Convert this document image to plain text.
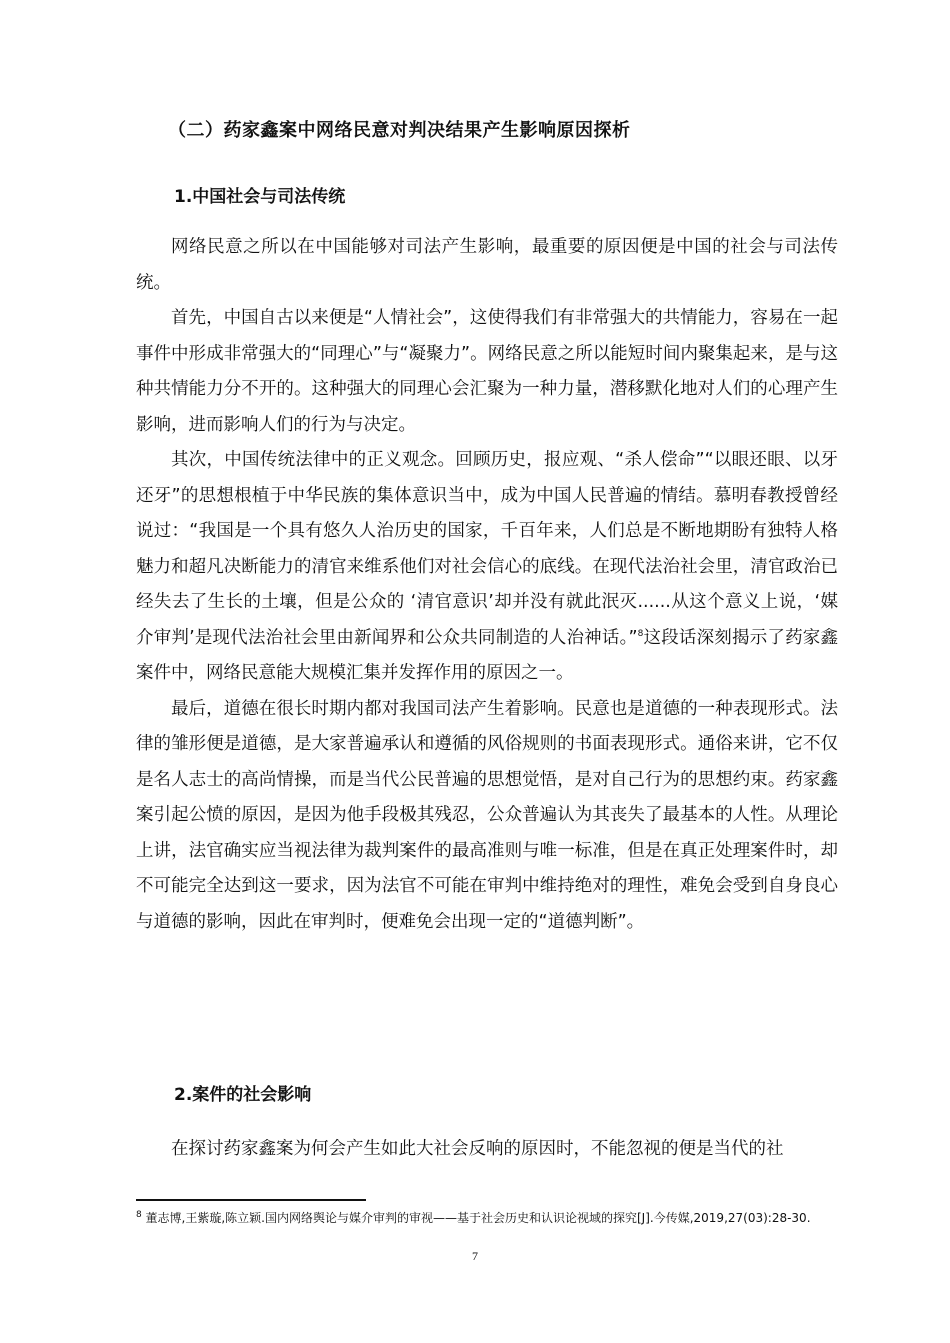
（二）药家鑫案中网络民意对判决结果产生影响原因探析
1.中国社会与司法传统

网络民意之所以在中国能够对司法产生影响，最重要的原因便是中国的社会与司法传统。

首先，中国自古以来便是“人情社会”，这使得我们有非常强大的共情能力，容易在一起事件中形成非常强大的“同理心”与“凝聚力”。网络民意之所以能短时间内聚集起来，是与这种共情能力分不开的。这种强大的同理心会汇聚为一种力量，潜移默化地对人们的心理产生影响，进而影响人们的行为与决定。

其次，中国传统法律中的正义观念。回顾历史，报应观、“杀人偿命”“以眼还眼、以牙还牙”的思想根植于中华民族的集体意识当中，成为中国人民普遍的情结。慕明春教授曾经说过：“我国是一个具有悠久人治历史的国家，千百年来，人们总是不断地期盼有独特人格魅力和超凡决断能力的清官来维系他们对社会信心的底线。在现代法治社会里，清官政治已经失去了生长的土壤，但是公众的 ‘清官意识’却并没有就此泯灭......从这个意义上说，‘媒介审判’是现代法治社会里由新闻界和公众共同制造的人治神话。”$^8$这段话深刻揭示了药家鑫案件中，网络民意能大规模汇集并发挥作用的原因之一。

最后，道德在很长时期内都对我国司法产生着影响。民意也是道德的一种表现形式。法律的雏形便是道德，是大家普遍承认和遵循的风俗规则的书面表现形式。通俗来讲，它不仅是名人志士的高尚情操，而是当代公民普遍的思想觉悟，是对自己行为的思想约束。药家鑫案引起公愤的原因，是因为他手段极其残忍，公众普遍认为其丧失了最基本的人性。从理论上讲，法官确实应当视法律为裁判案件的最高准则与唯一标准，但是在真正处理案件时，却不可能完全达到这一要求，因为法官不可能在审判中维持绝对的理性，难免会受到自身良心与道德的影响，因此在审判时，便难免会出现一定的“道德判断”。

2.案件的社会影响

在探讨药家鑫案为何会产生如此大社会反响的原因时，不能忽视的便是当代的社

$^8$ 董志博,王紫璇,陈立颖.国内网络舆论与媒介审判的审视——基于社会历史和认识论视域的探究[J].今传媒,2019,27(03):28-30.
7
